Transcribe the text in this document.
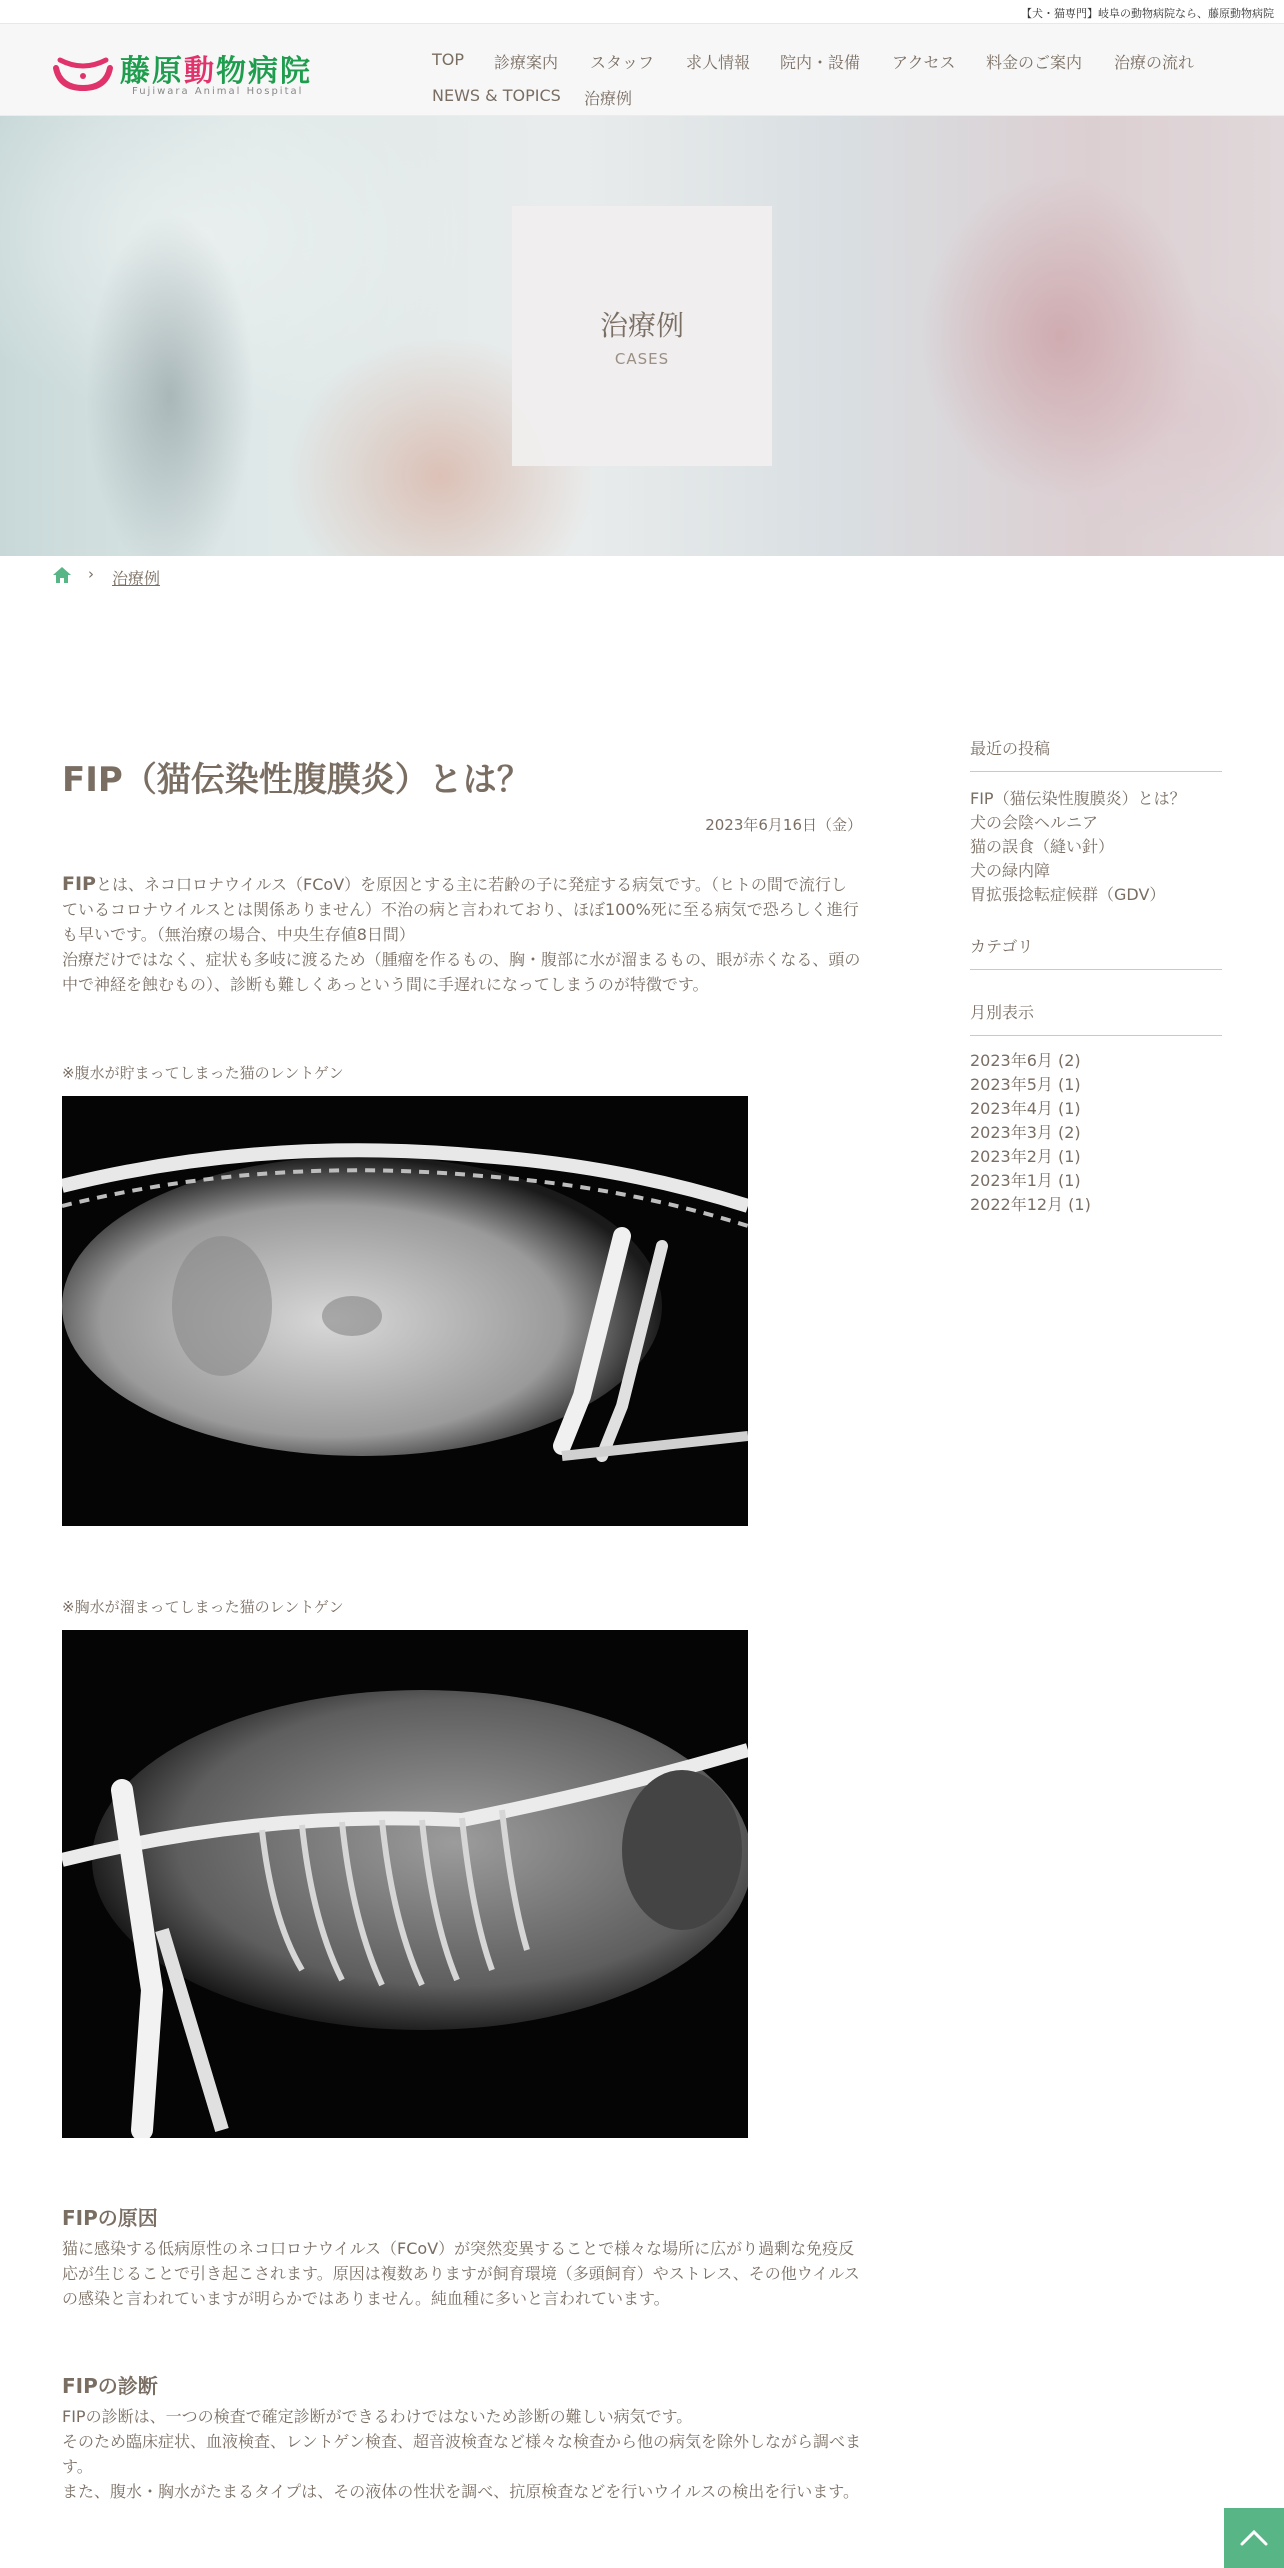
【犬・猫専門】岐阜の動物病院なら、藤原動物病院
藤原動物病院
Fujiwara Animal Hospital
TOP 診療案内 スタッフ 求人情報 院内・設備 アクセス 料金のご案内 治療の流れ
NEWS & TOPICS 治療例
治療例
CASES
› 治療例
FIP（猫伝染性腹膜炎）とは？
2023年6月16日（金）
FIPとは、ネコ⼝ロナウイルス（FCoV）を原因とする主に若齢の子に発症する病気です。（ヒトの間で流行しているコロナウイルスとは関係ありません）不治の病と言われており、ほぼ100%死に至る病気で恐ろしく進行も早いです。（無治療の場合、中央生存値8日間）
治療だけではなく、症状も多岐に渡るため（腫瘤を作るもの、胸・腹部に水が溜まるもの、眼が赤くなる、頭の中で神経を蝕むもの）、診断も難しくあっという間に手遅れになってしまうのが特徴です。
※腹水が貯まってしまった猫のレントゲン
※胸水が溜まってしまった猫のレントゲン
FIPの原因
猫に感染する低病原性のネコ⼝ロナウイルス（FCoV）が突然変異することで様々な場所に広がり過剰な免疫反応が生じることで引き起こされます。原因は複数ありますが飼育環境（多頭飼育）やストレス、その他ウイルスの感染と言われていますが明らかではありません。純血種に多いと言われています。
FIPの診断
FIPの診断は、一つの検査で確定診断ができるわけではないため診断の難しい病気です。
そのため臨床症状、血液検査、レントゲン検査、超音波検査など様々な検査から他の病気を除外しながら調べます。
また、腹水・胸水がたまるタイプは、その液体の性状を調べ、抗原検査などを行いウイルスの検出を行います。
最近の投稿
FIP（猫伝染性腹膜炎）とは？
犬の会陰ヘルニア
猫の誤食（縫い針）
犬の緑内障
胃拡張捻転症候群（GDV）
カテゴリ
月別表示
2023年6月 (2)
2023年5月 (1)
2023年4月 (1)
2023年3月 (2)
2023年2月 (1)
2023年1月 (1)
2022年12月 (1)
